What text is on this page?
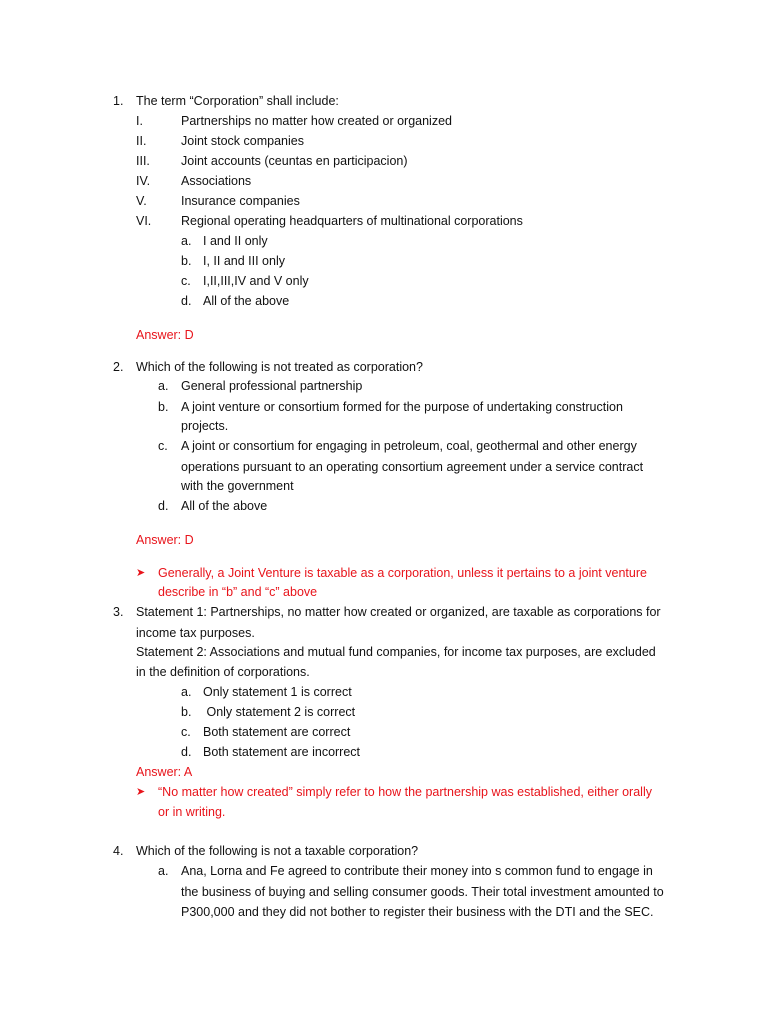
1. The term “Corporation” shall include:
I.	Partnerships no matter how created or organized
II.	Joint stock companies
III. Joint accounts (ceuntas en participacion)
IV. Associations
V.	Insurance companies
VI. Regional operating headquarters of multinational corporations
a. I and II only
b. I, II and III only
c. I,II,III,IV and V only
d. All of the above
Answer: D
2. Which of the following is not treated as corporation?
a. General professional partnership
b. A joint venture or consortium formed for the purpose of undertaking construction
projects.
c. A joint or consortium for engaging in petroleum, coal, geothermal and other energy
operations pursuant to an operating consortium agreement under a service contract
with the government
d. All of the above
Answer: D
➤ Generally, a Joint Venture is taxable as a corporation, unless it pertains to a joint venture
describe in “b” and “c” above
3. Statement 1: Partnerships, no matter how created or organized, are taxable as corporations for
income tax purposes.
Statement 2: Associations and mutual fund companies, for income tax purposes, are excluded
in the definition of corporations.
a. Only statement 1 is correct
b. Only statement 2 is correct
c. Both statement are correct
d. Both statement are incorrect
Answer: A
➤ “No matter how created” simply refer to how the partnership was established, either orally
or in writing.
4. Which of the following is not a taxable corporation?
a. Ana, Lorna and Fe agreed to contribute their money into s common fund to engage in
the business of buying and selling consumer goods. Their total investment amounted to
P300,000 and they did not bother to register their business with the DTI and the SEC.
